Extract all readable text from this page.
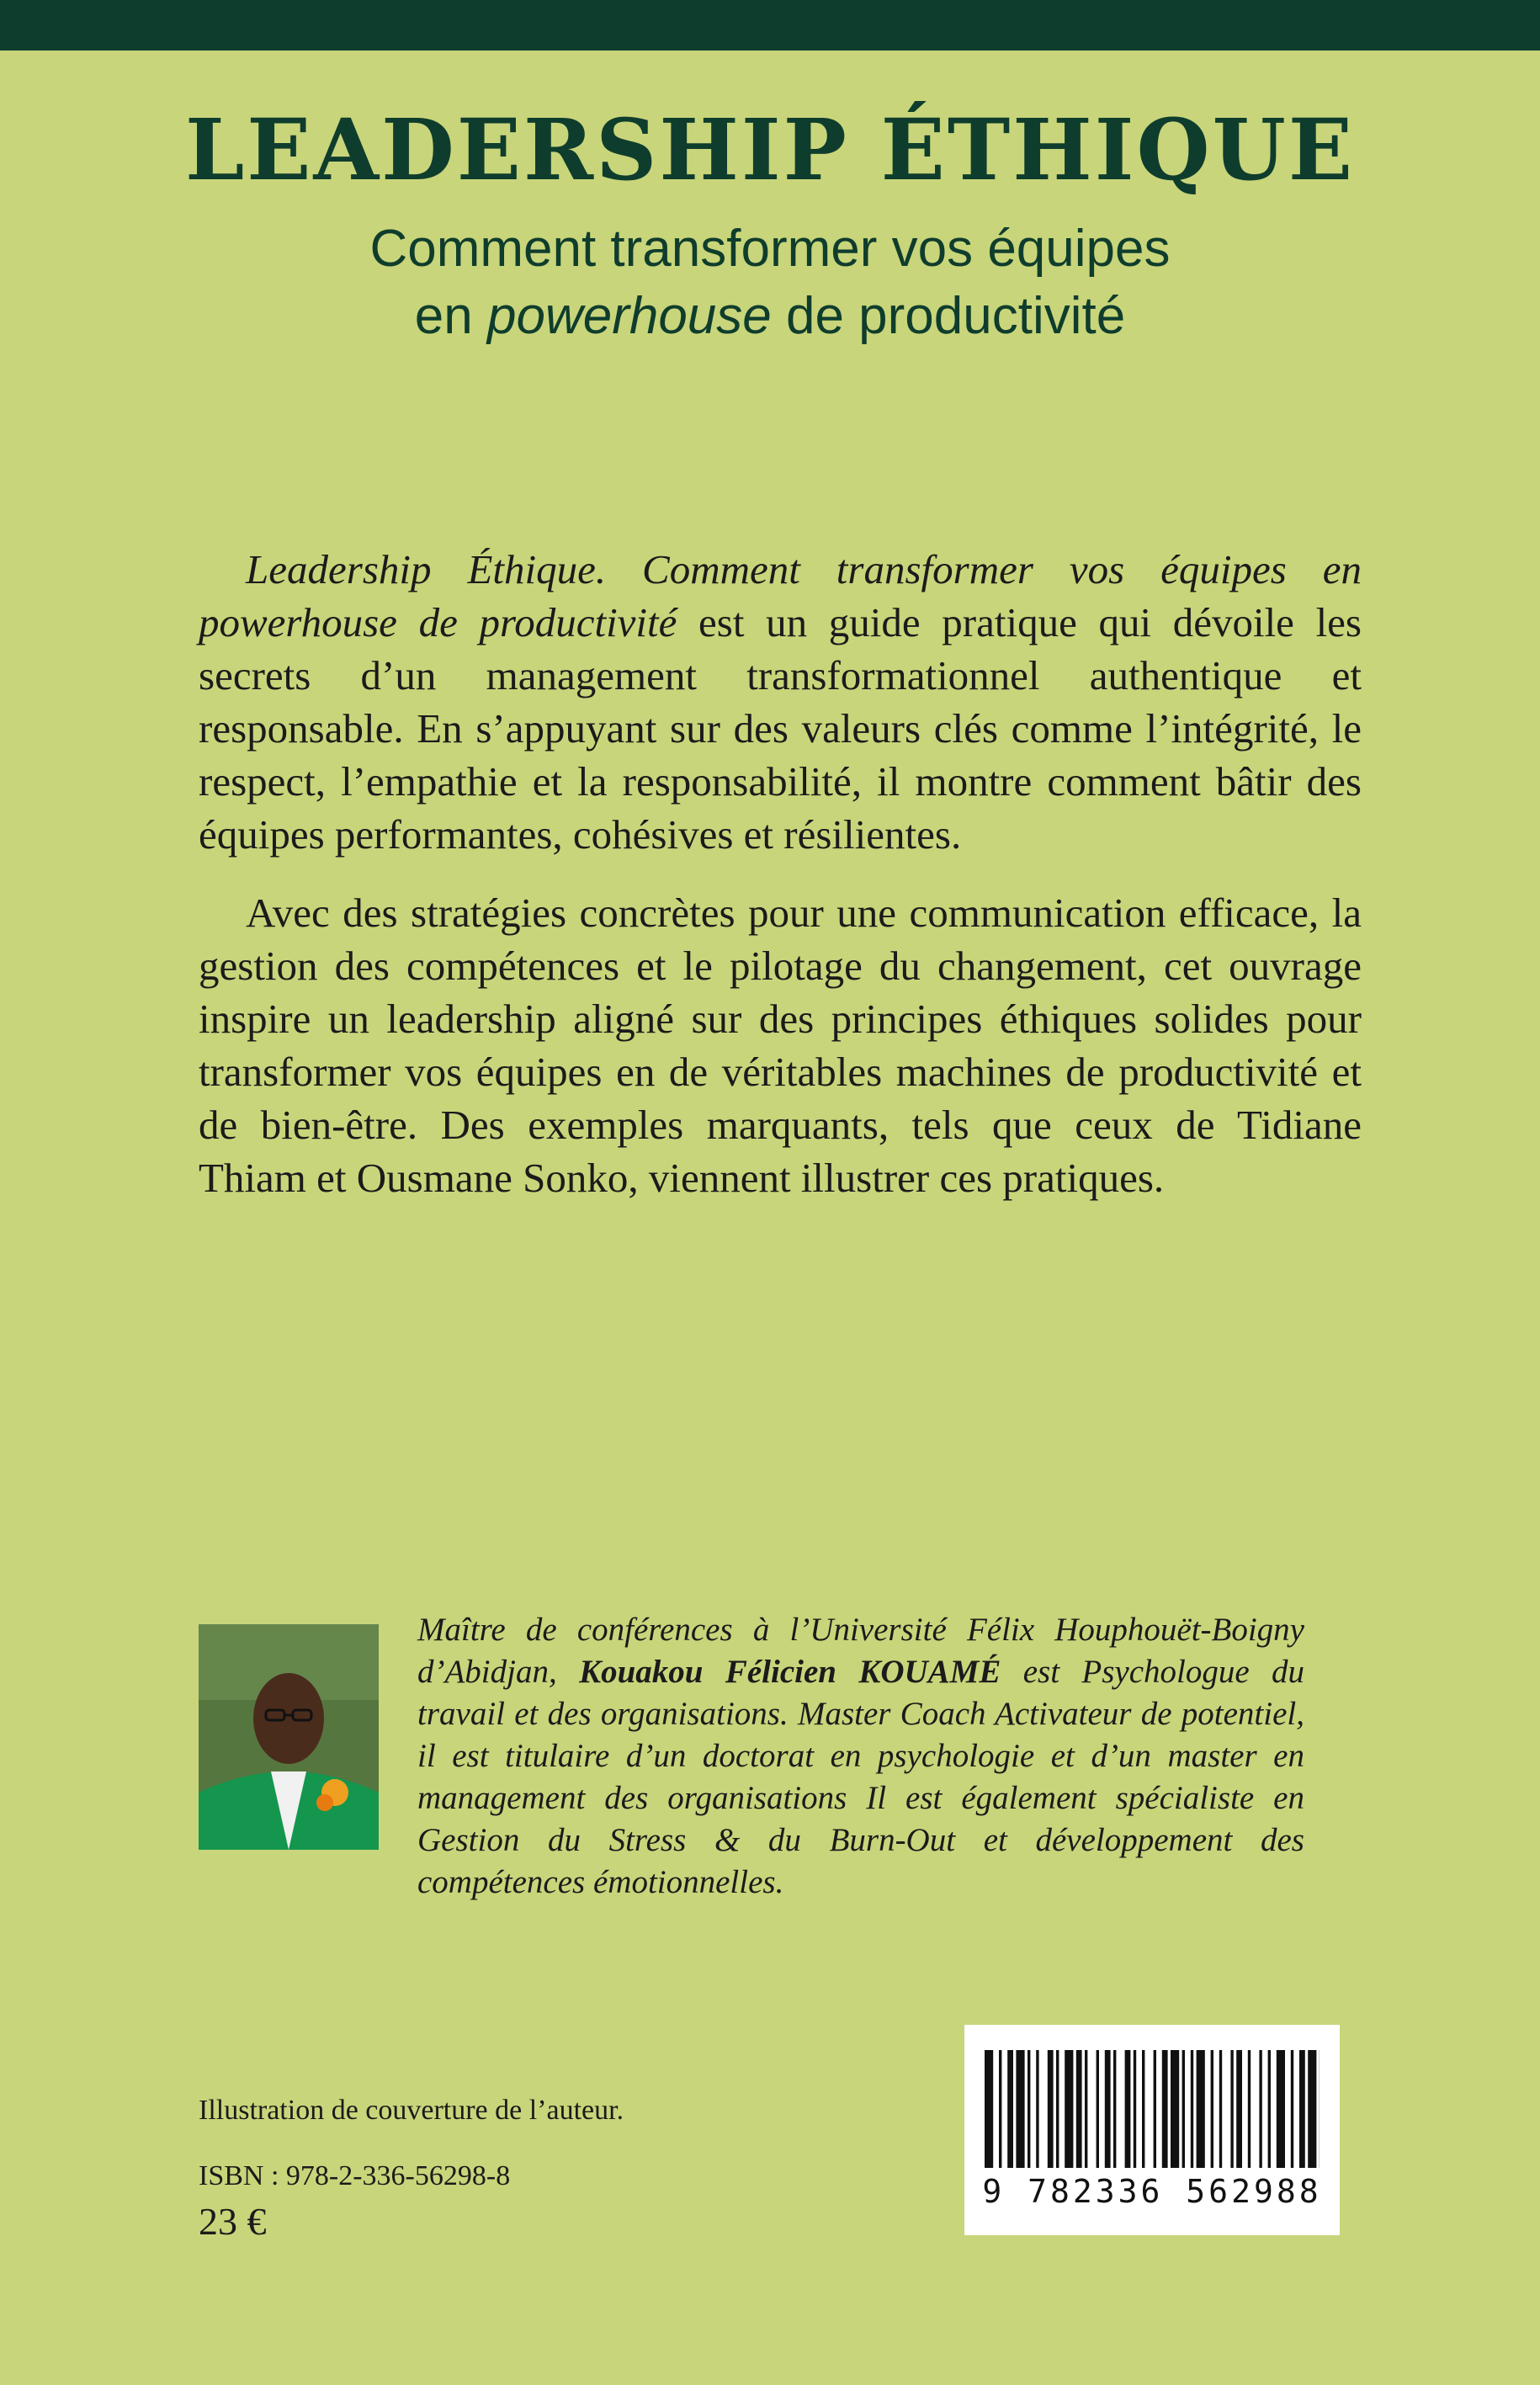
LEADERSHIP ÉTHIQUE
Comment transformer vos équipes
en powerhouse de productivité

Leadership Éthique. Comment transformer vos équipes en powerhouse de productivité est un guide pratique qui dévoile les secrets d’un management transformationnel authentique et responsable. En s’appuyant sur des valeurs clés comme l’intégrité, le respect, l’empathie et la responsabilité, il montre comment bâtir des équipes performantes, cohésives et résilientes.

Avec des stratégies concrètes pour une communication efficace, la gestion des compétences et le pilotage du changement, cet ouvrage inspire un leadership aligné sur des principes éthiques solides pour transformer vos équipes en de véritables machines de productivité et de bien-être. Des exemples marquants, tels que ceux de Tidiane Thiam et Ousmane Sonko, viennent illustrer ces pratiques.

Maître de conférences à l’Université Félix Houphouët-Boigny d’Abidjan, Kouakou Félicien KOUAMÉ est Psychologue du travail et des organisations. Master Coach Activateur de potentiel, il est titulaire d’un doctorat en psychologie et d’un master en management des organisations Il est également spécialiste en Gestion du Stress & du Burn-Out et développement des compétences émotionnelles.
Illustration de couverture de l’auteur.
ISBN : 978-2-336-56298-8
23 €
9 782336 562988
